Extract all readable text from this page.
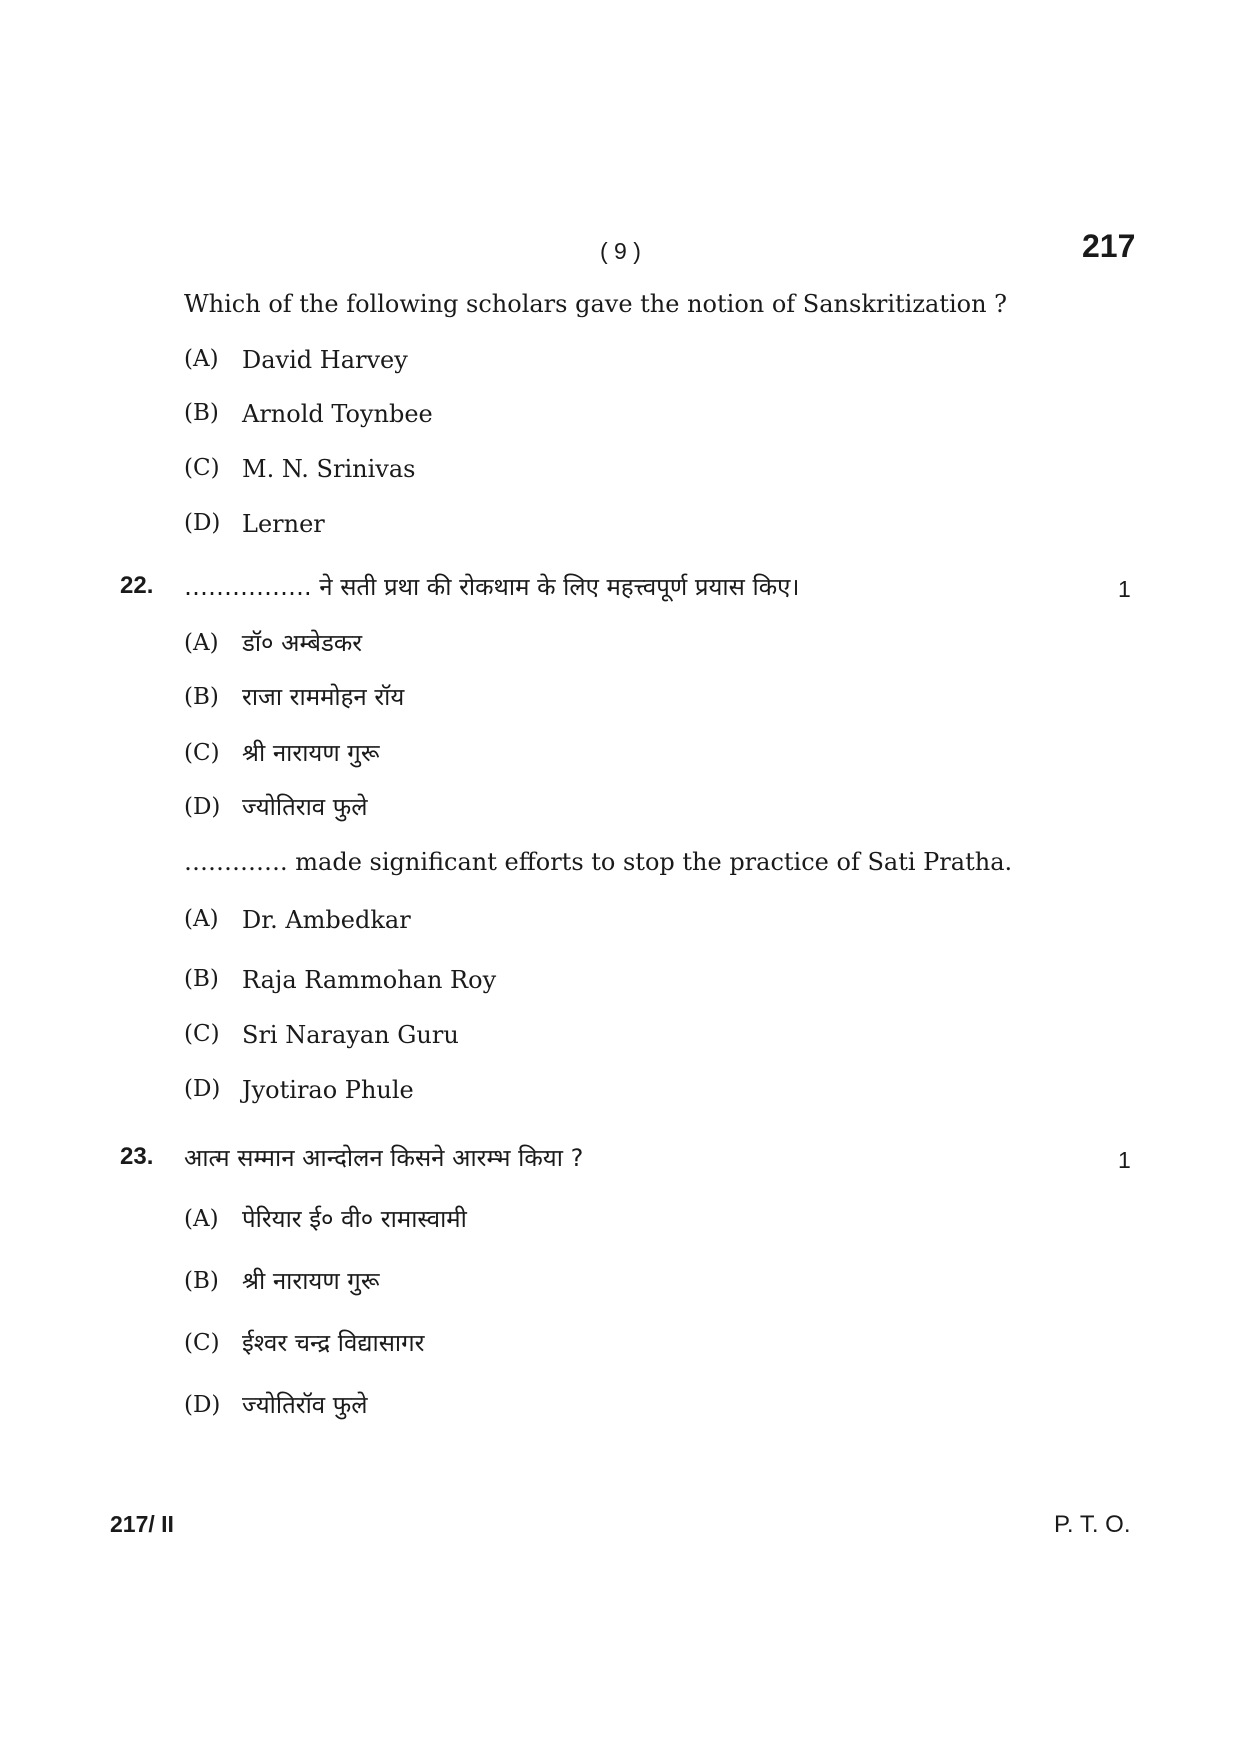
( 9 )	217
Which of the following scholars gave the notion of Sanskritization ?
(A) David Harvey
(B) Arnold Toynbee
(C) M. N. Srinivas
(D) Lerner
22. ……………. ने सती प्रथा की रोकथाम के लिए महत्त्वपूर्ण प्रयास किए।	1
(A) डॉ० अम्बेडकर
(B) राजा राममोहन रॉय
(C) श्री नारायण गुरू
(D) ज्योतिराव फुले
…………. made significant efforts to stop the practice of Sati Pratha.
(A) Dr. Ambedkar
(B) Raja Rammohan Roy
(C) Sri Narayan Guru
(D) Jyotirao Phule
23. आत्म सम्मान आन्दोलन किसने आरम्भ किया ?	1
(A) पेरियार ई० वी० रामास्वामी
(B) श्री नारायण गुरू
(C) ईश्वर चन्द्र विद्यासागर
(D) ज्योतिरॉव फुले
217/ II	P. T. O.
